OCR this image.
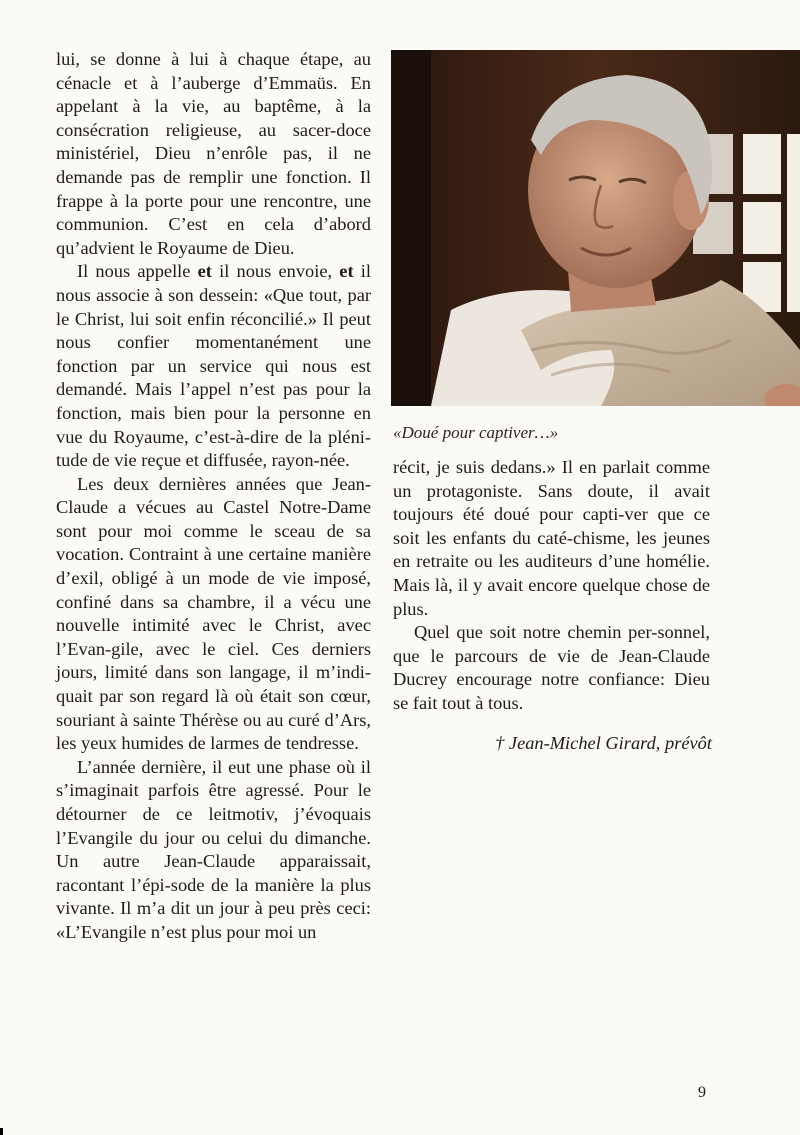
lui, se donne à lui à chaque étape, au cénacle et à l’auberge d’Emmaüs. En appelant à la vie, au baptême, à la consécration religieuse, au sacer-doce ministériel, Dieu n’enrôle pas, il ne demande pas de remplir une fonction. Il frappe à la porte pour une rencontre, une communion. C’est en cela d’abord qu’advient le Royaume de Dieu.

Il nous appelle et il nous envoie, et il nous associe à son dessein: «Que tout, par le Christ, lui soit enfin réconcilié.» Il peut nous confier momentanément une fonction par un service qui nous est demandé. Mais l’appel n’est pas pour la fonction, mais bien pour la personne en vue du Royaume, c’est-à-dire de la pléni-tude de vie reçue et diffusée, rayon-née.

Les deux dernières années que Jean-Claude a vécues au Castel Notre-Dame sont pour moi comme le sceau de sa vocation. Contraint à une certaine manière d’exil, obligé à un mode de vie imposé, confiné dans sa chambre, il a vécu une nouvelle intimité avec le Christ, avec l’Evan-gile, avec le ciel. Ces derniers jours, limité dans son langage, il m’indi-quait par son regard là où était son cœur, souriant à sainte Thérèse ou au curé d’Ars, les yeux humides de larmes de tendresse.

L’année dernière, il eut une phase où il s’imaginait parfois être agressé. Pour le détourner de ce leitmotiv, j’évoquais l’Evangile du jour ou celui du dimanche. Un autre Jean-Claude apparaissait, racontant l’épi-sode de la manière la plus vivante. Il m’a dit un jour à peu près ceci: «L’Evangile n’est plus pour moi un

«Doué pour captiver…»

récit, je suis dedans.» Il en parlait comme un protagoniste. Sans doute, il avait toujours été doué pour capti-ver que ce soit les enfants du caté-chisme, les jeunes en retraite ou les auditeurs d’une homélie. Mais là, il y avait encore quelque chose de plus.

Quel que soit notre chemin per-sonnel, que le parcours de vie de Jean-Claude Ducrey encourage notre confiance: Dieu se fait tout à tous.

† Jean-Michel Girard, prévôt
9
